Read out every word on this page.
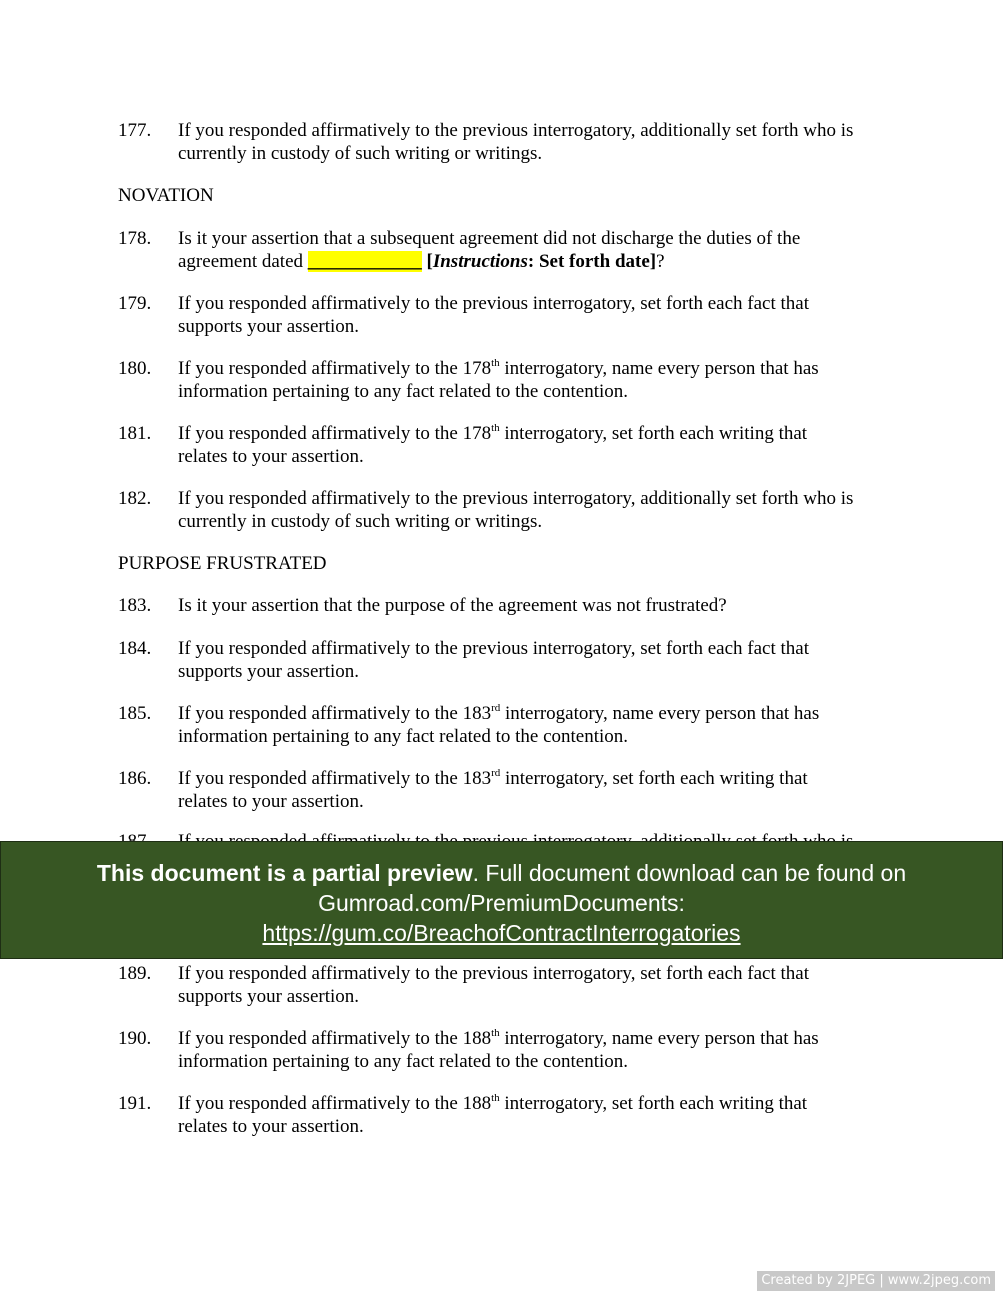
177. If you responded affirmatively to the previous interrogatory, additionally set forth who is
currently in custody of such writing or writings.
NOVATION
178. Is it your assertion that a subsequent agreement did not discharge the duties of the
agreement dated ____________ [Instructions: Set forth date]?
179. If you responded affirmatively to the previous interrogatory, set forth each fact that
supports your assertion.
180. If you responded affirmatively to the 178th interrogatory, name every person that has
information pertaining to any fact related to the contention.
181. If you responded affirmatively to the 178th interrogatory, set forth each writing that
relates to your assertion.
182. If you responded affirmatively to the previous interrogatory, additionally set forth who is
currently in custody of such writing or writings.
PURPOSE FRUSTRATED
183. Is it your assertion that the purpose of the agreement was not frustrated?
184. If you responded affirmatively to the previous interrogatory, set forth each fact that
supports your assertion.
185. If you responded affirmatively to the 183rd interrogatory, name every person that has
information pertaining to any fact related to the contention.
186. If you responded affirmatively to the 183rd interrogatory, set forth each writing that
relates to your assertion.
This document is a partial preview. Full document download can be found on
Gumroad.com/PremiumDocuments:
https://gum.co/BreachofContractInterrogatories
189. If you responded affirmatively to the previous interrogatory, set forth each fact that
supports your assertion.
190. If you responded affirmatively to the 188th interrogatory, name every person that has
information pertaining to any fact related to the contention.
191. If you responded affirmatively to the 188th interrogatory, set forth each writing that
relates to your assertion.
Created by 2JPEG | www.2jpeg.com
